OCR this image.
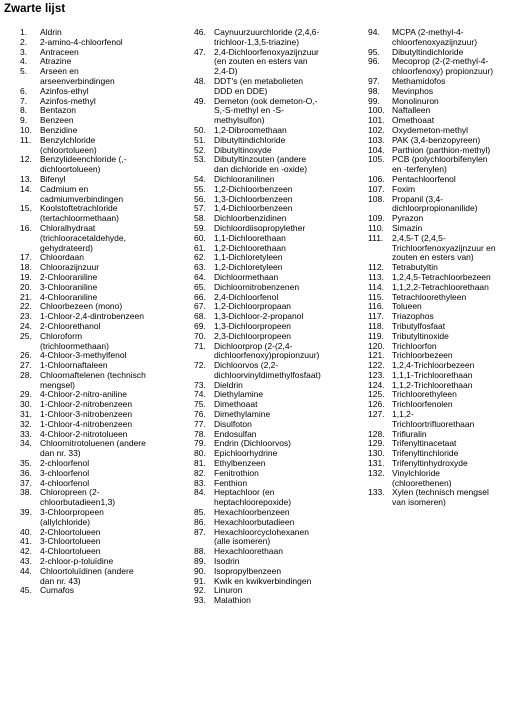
Zwarte lijst
1.	Aldrin
2.	2-amino-4-chloorfenol
3.	Antraceen
4.	Atrazine
5.	Arseen en
arseenverbindingen
6.	Azinfos-ethyl
7.	Azinfos-methyl
8.	Bentazon
9.	Benzeen
10. Benzidine
11.	Benzylchloride
(chloortolueen)
12. Benzylideenchloride (,-
dichloortolueen)
13. Bifenyl
14. Cadmium en
cadmiumverbindingen
15. Koolstoftetrachloride
(tertachloormethaan)
16. Chloralhydraat
(trichlooracetaldehyde,
gehydrateerd)
17. Chloordaan
18. Chloorazijnzuur
19. 2-Chlooraniline
20. 3-Chlooraniline
21. 4-Chlooraniline
22. Chloorbezeen (mono)
23. 1-Chloor-2,4-dintrobenzeen
24. 2-Chloorethanol
25. Chloroform
(trichloormethaan)
26. 4-Chloor-3-methylfenol
27. 1-Chloornaftaleen
28. Chloornaftelenen (technisch
mengsel)
29. 4-Chloor-2-nitro-aniline
30. 1-Chloor-2-nitrobenzeen
31. 1-Chloor-3-nitrobenzeen
32. 1-Chloor-4-nitrobenzeen
33. 4-Chloor-2-nitrotolueen
34. Chloornitrotoluenen (andere
dan nr. 33)
35. 2-chloorfenol
36. 3-chloorfenol
37. 4-chloorfenol
38. Chloropreen (2-
chloorbutadieen1,3)
39. 3-Chloorpropeen
(allylchloride)
40. 2-Chloortolueen
41. 3-Chloortolueen
42. 4-Chloortolueen
43. 2-chloor-p-toluïdine
44. Chloortoluïdinen (andere
dan nr. 43)
45. Cumafos
46. Caynuurzuurchloride (2,4,6-
trichloor-1,3,5-triazine)
47. 2,4-Dichloorfenoxyazijnzuur
(en zouten en esters van
2,4-D)
48. DDT's (en metabolieten
DDD en DDE)
49. Demeton (ook demeton-O,-
S,-S-methyl en -S-
methylsulfon)
50. 1,2-Dibroomethaan
51. Dibutyltindichloride
52. Dibutyltinoxyde
53. Dibutyltinzouten (andere
dan dichloride en -oxide)
54. Dichlooranilinen
55. 1,2-Dichloorbenzeen
56. 1,3-Dichloorbenzeen
57. 1,4-Dichloorbenzeen
58. Dichloorbenzidinen
59. Dichloordiisopropylether
60. 1,1-Dichloorethaan
61. 1,2-Dichloorethaan
62. 1,1-Dichloretyleen
63. 1,2-Dichloretyleen
64. Dichloormethaan
65. Dichloornitrobenzenen
66. 2,4-Dichloorfenol
67. 1,2-Dichloorpropaan
68. 1,3-Dichloor-2-propanol
69. 1,3-Dichloorpropeen
70. 2,3-Dichloorpropeen
71. Dichloorprop (2-(2,4-
dichloorfenoxy)propionzuur)
72. Dichloorvos (2,2-
dichloorvinyldimethylfosfaat)
73. Dieldrin
74. Diethylamine
75. Dimethoaat
76. Dimethylamine
77. Disulfoton
78. Endosulfan
79. Endrin (Dichloorvos)
80. Epichloorhydrine
81. Ethylbenzeen
82. Fenitrothion
83. Fenthion
84. Heptachloor (en
heptachloorepoxide)
85. Hexachloorbenzeen
86. Hexachloorbutadieen
87. Hexachloorcyclohexanen
(alle isomeren)
88. Hexachloorethaan
89. Isodrin
90. Isopropylbenzeen
91. Kwik en kwikverbindingen
92. Linuron
93. Malathion
94.	MCPA (2-methyl-4-
chloorfenoxyazijnzuur)
95.	Dibutyltindichloride
96.	Mecoprop (2-(2-methyl-4-
chloorfenoxy) propionzuur)
97.	Methamidofos
98.	Mevinphos
99.	Monolinuron
100. Naftalleen
101. Omethoaat
102. Oxydemeton-methyl
103. PAK (3,4-benzopyreen)
104. Parthion (parthion-methyl)
105. PCB (polychloorbifenylen
en -terfenylen)
106. Pentachloorfenol
107. Foxim
108. Propanil (3,4-
dichloorpropionanilide)
109. Pyrazon
110. Simazin
111.	2,4,5-T (2,4,5-
Trichloorfenoxyazijnzuur en
zouten en esters van)
112. Tetrabutyltin
113. 1,2,4,5-Tetrachloorbezeen
114. 1,1,2,2-Tetrachloorethaan
115. Tetrachloorethyleen
116. Tolueen
117. Triazophos
118. Tributylfosfaat
119. Tributyltinoxide
120. Trichloorfon
121. Trichloorbezeen
122. 1,2,4-Trichloorbezeen
123. 1,1,1-Trichloorethaan
124. 1,1,2-Trichloorethaan
125. Trichloorethyleen
126. Trichloorfenolen
127. 1,1,2-
Trichloortrifluorethaan
128. Trifluralin
129. Trifenyltinacetaat
130. Trifenyltinchloride
131. Trifenyltinhydroxyde
132. Vinylchloride
(chloorethenen)
133. Xylen (technisch mengsel
van isomeren)
